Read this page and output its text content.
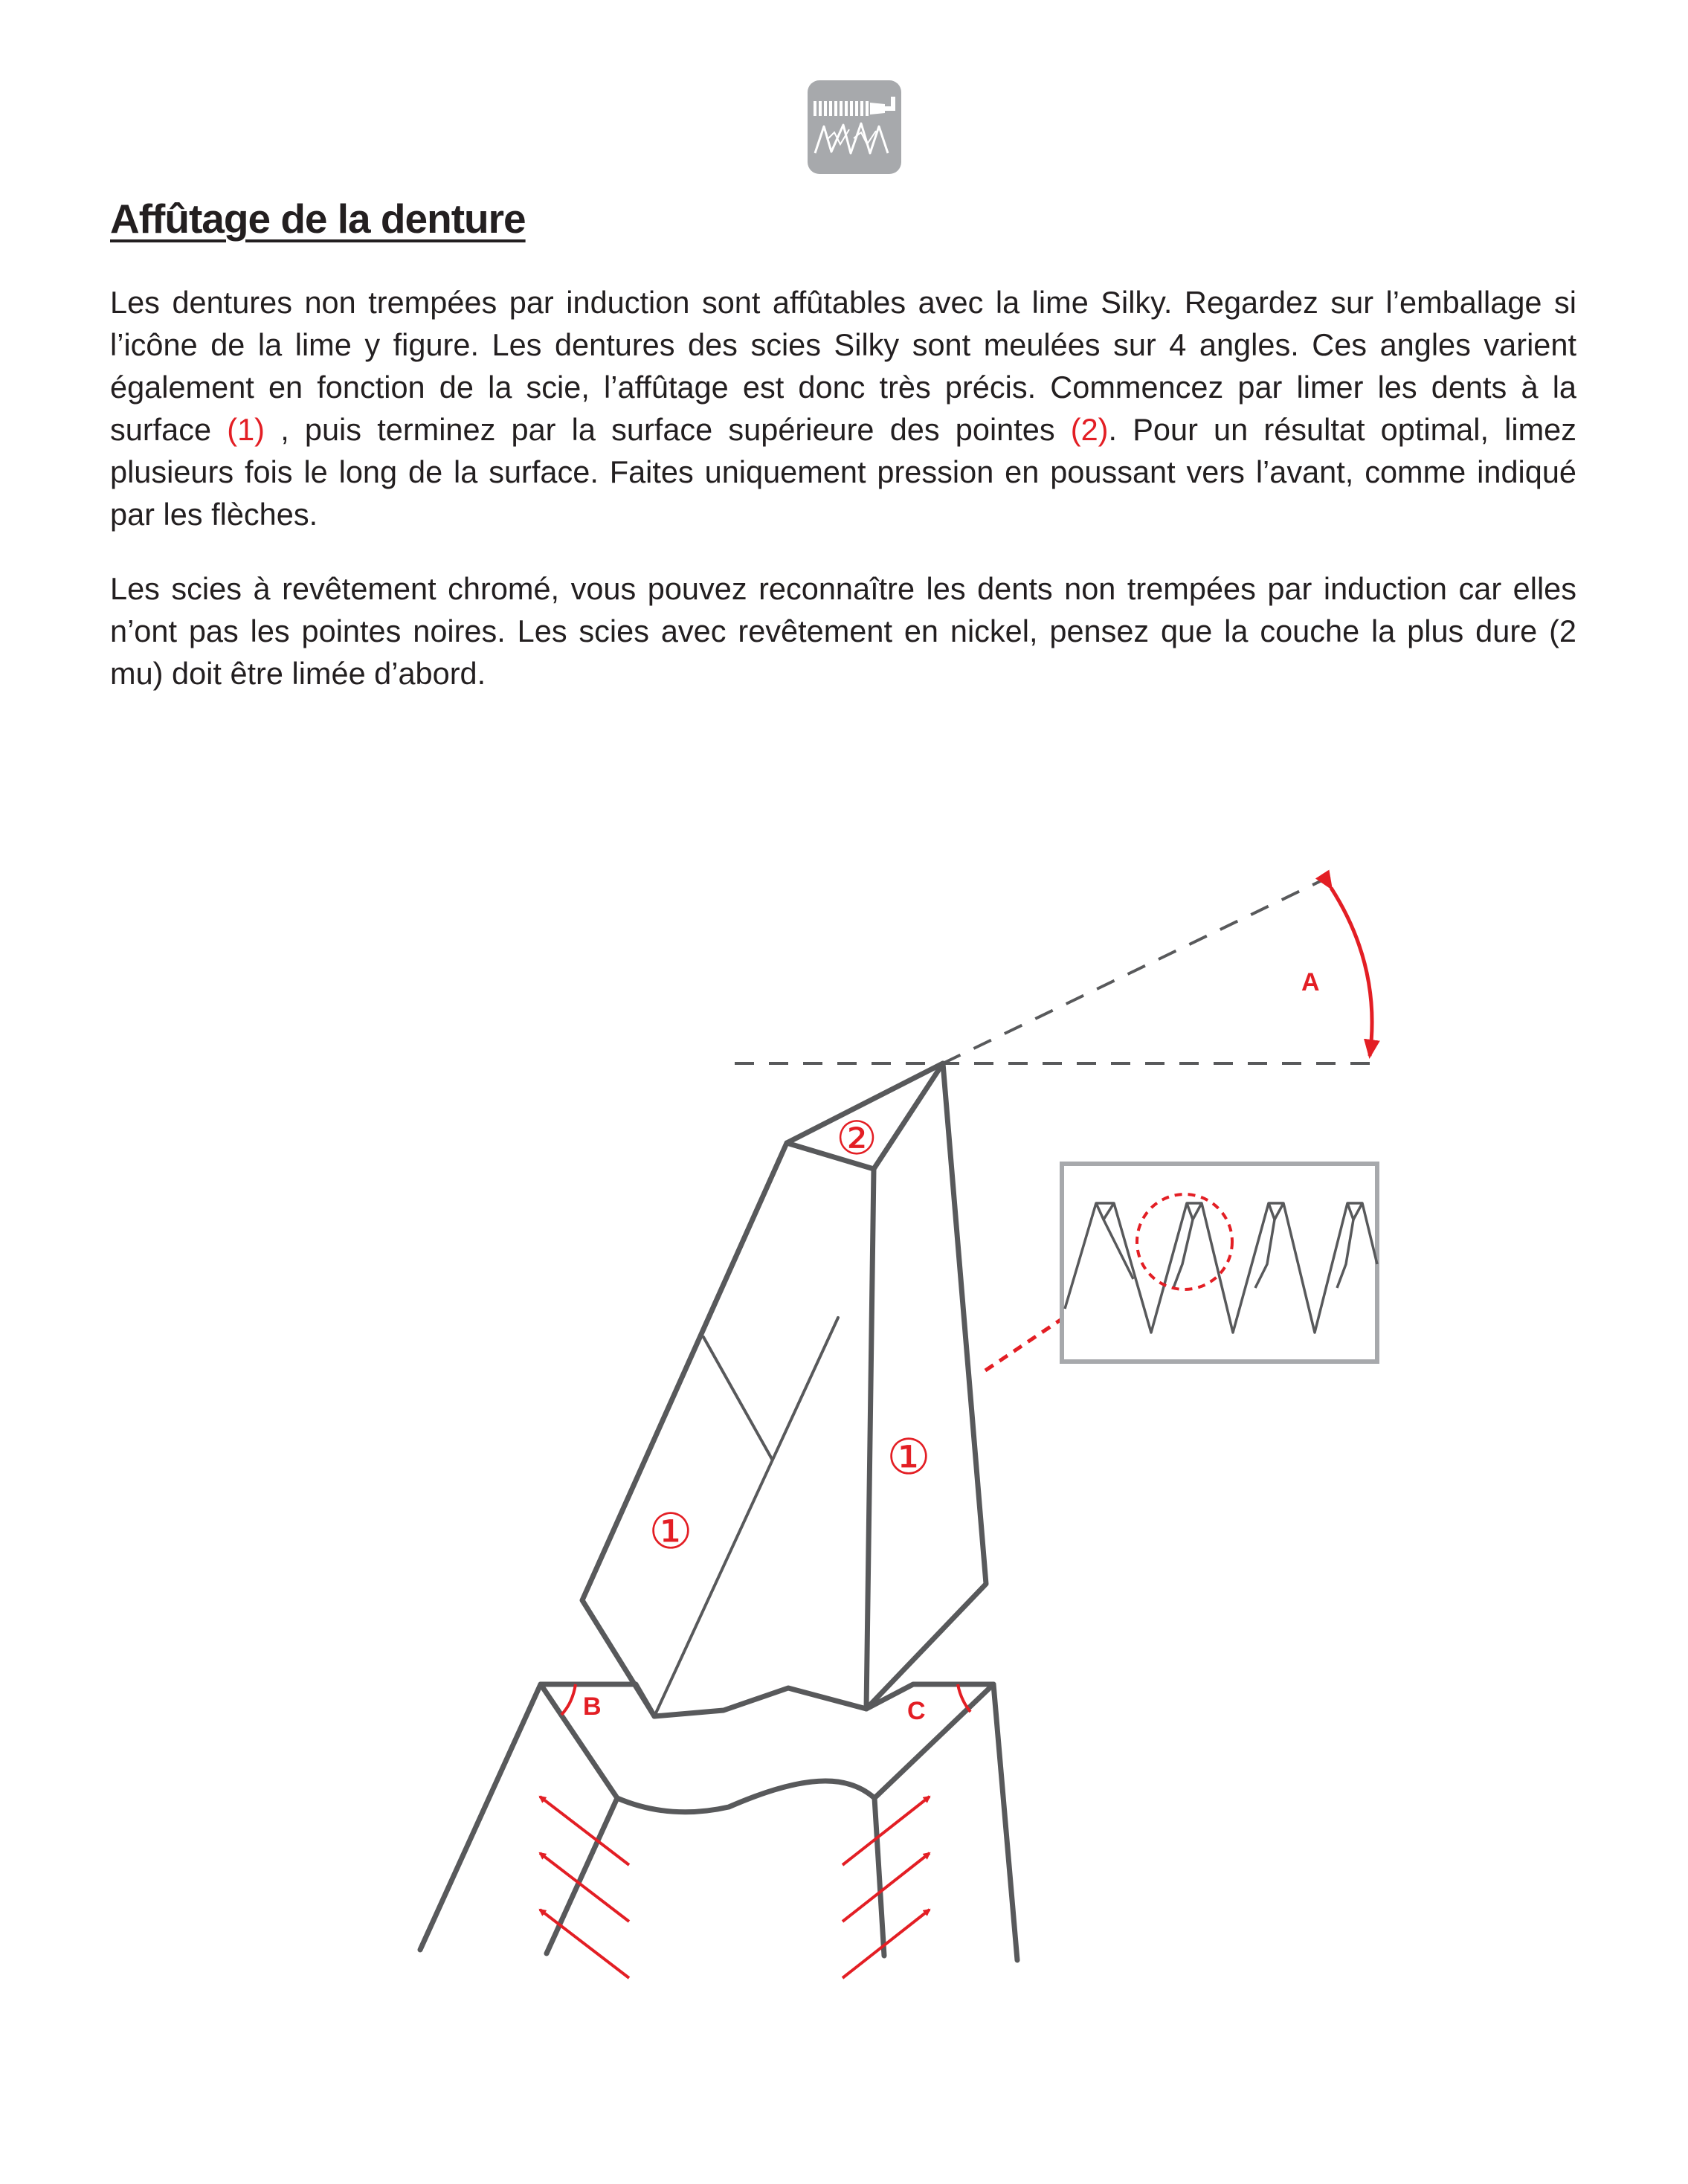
Affûtage de la denture

Les dentures non trempées par induction sont affûtables avec la lime Silky. Regardez sur l’emballage si l’icône de la lime y figure. Les dentures des scies Silky sont meulées sur 4 angles. Ces angles varient également en fonction de la scie, l’affûtage est donc très précis. Commencez par limer les dents à la surface (1) , puis terminez par la surface supérieure des pointes (2). Pour un résultat optimal, limez plusieurs fois le long de la surface. Faites uniquement pression en poussant vers l’avant, comme indiqué par les flèches.

Les scies à revêtement chromé, vous pouvez reconnaître les dents non trempées par induction car elles n’ont pas les pointes noires. Les scies avec revêtement en nickel, pensez que la couche la plus dure (2 mu) doit être limée d’abord.

A
B	C
②
①
①
